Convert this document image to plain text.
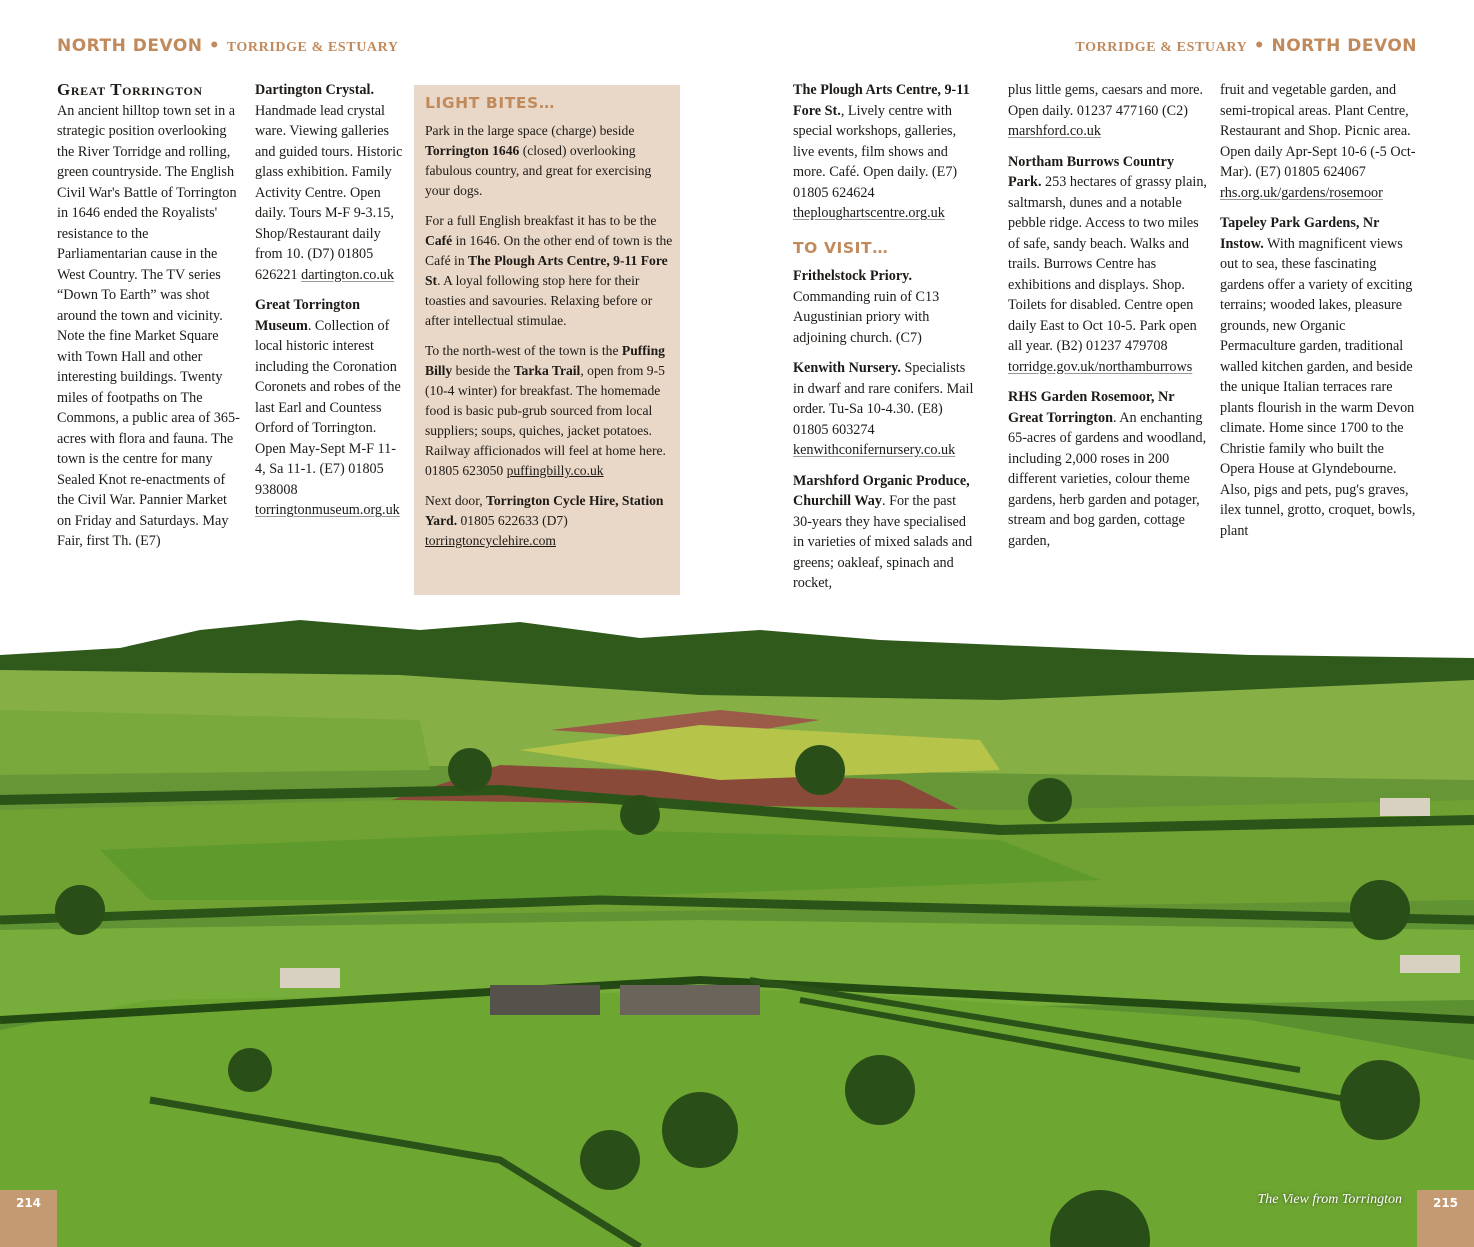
NORTH DEVON • TORRIDGE & ESTUARY	TORRIDGE & ESTUARY • NORTH DEVON
Great Torrington

An ancient hilltop town set in a strategic position overlooking the River Torridge and rolling, green countryside. The English Civil War's Battle of Torrington in 1646 ended the Royalists' resistance to the Parliamentarian cause in the West Country. The TV series “Down To Earth” was shot around the town and vicinity. Note the fine Market Square with Town Hall and other interesting buildings. Twenty miles of footpaths on The Commons, a public area of 365-acres with flora and fauna. The town is the centre for many Sealed Knot re-enactments of the Civil War. Pannier Market on Friday and Saturdays. May Fair, first Th. (E7)

Dartington Crystal. Handmade lead crystal ware. Viewing galleries and guided tours. Historic glass exhibition. Family Activity Centre. Open daily. Tours M-F 9-3.15, Shop/Restaurant daily from 10. (D7) 01805 626221 dartington.co.uk

Great Torrington Museum. Collection of local historic interest including the Coronation Coronets and robes of the last Earl and Countess Orford of Torrington. Open May-Sept M-F 11-4, Sa 11-1. (E7) 01805 938008 torringtonmuseum.org.uk

LIGHT BITES…

Park in the large space (charge) beside Torrington 1646 (closed) overlooking fabulous country, and great for exercising your dogs.

For a full English breakfast it has to be the Café in 1646. On the other end of town is the Café in The Plough Arts Centre, 9-11 Fore St. A loyal following stop here for their toasties and savouries. Relaxing before or after intellectual stimulae.

To the north-west of the town is the Puffing Billy beside the Tarka Trail, open from 9-5 (10-4 winter) for breakfast. The homemade food is basic pub-grub sourced from local suppliers; soups, quiches, jacket potatoes. Railway afficionados will feel at home here. 01805 623050 puffingbilly.co.uk

Next door, Torrington Cycle Hire, Station Yard. 01805 622633 (D7) torringtoncyclehire.com

The Plough Arts Centre, 9-11 Fore St., Lively centre with special workshops, galleries, live events, film shows and more. Café. Open daily. (E7) 01805 624624 theploughartscentre.org.uk

TO VISIT…

Frithelstock Priory. Commanding ruin of C13 Augustinian priory with adjoining church. (C7)

Kenwith Nursery. Specialists in dwarf and rare conifers. Mail order. Tu-Sa 10-4.30. (E8) 01805 603274 kenwithconifernursery.co.uk

Marshford Organic Produce, Churchill Way. For the past 30-years they have specialised in varieties of mixed salads and greens; oakleaf, spinach and rocket,

plus little gems, caesars and more. Open daily. 01237 477160 (C2) marshford.co.uk

Northam Burrows Country Park. 253 hectares of grassy plain, saltmarsh, dunes and a notable pebble ridge. Access to two miles of safe, sandy beach. Walks and trails. Burrows Centre has exhibitions and displays. Shop. Toilets for disabled. Centre open daily East to Oct 10-5. Park open all year. (B2) 01237 479708 torridge.gov.uk/northamburrows

RHS Garden Rosemoor, Nr Great Torrington. An enchanting 65-acres of gardens and woodland, including 2,000 roses in 200 different varieties, colour theme gardens, herb garden and potager, stream and bog garden, cottage garden,

fruit and vegetable garden, and semi-tropical areas. Plant Centre, Restaurant and Shop. Picnic area. Open daily Apr-Sept 10-6 (-5 Oct-Mar). (E7) 01805 624067 rhs.org.uk/gardens/rosemoor

Tapeley Park Gardens, Nr Instow. With magnificent views out to sea, these fascinating gardens offer a variety of exciting terrains; wooded lakes, pleasure grounds, new Organic Permaculture garden, traditional walled kitchen garden, and beside the unique Italian terraces rare plants flourish in the warm Devon climate. Home since 1700 to the Christie family who built the Opera House at Glyndebourne. Also, pigs and pets, pug's graves, ilex tunnel, grotto, croquet, bowls, plant

214	215
The View from Torrington
